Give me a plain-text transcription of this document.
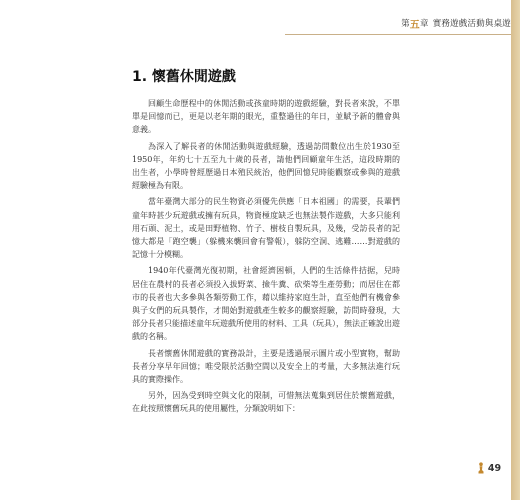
第 五 章 實務遊戲活動與桌遊
1. 懷舊休閒遊戲

回顧生命歷程中的休閒活動或孩童時期的遊戲經驗，對長者來說，不單單是回憶而已，更是以老年期的眼光，重整過往的年日，並賦予新的體會與意義。

為深入了解長者的休閒活動與遊戲經驗，透過訪問數位出生於1930至1950年，年約七十五至九十歲的長者，請他們回顧童年生活，這段時期的出生者，小學時曾經歷過日本殖民統治，他們回憶兒時能觀察或參與的遊戲經驗極為有限。

當年臺灣大部分的民生物資必須優先供應「日本祖國」的需要，長輩們童年時甚少玩遊戲或擁有玩具，物資極度缺乏也無法製作遊戲，大多只能利用石頭、泥土，或是田野植物、竹子、樹枝自製玩具，及幾，受訪長者的記憶大都是「跑空襲」（躲機來襲回會有警報），躲防空洞、逃難……對遊戲的記憶十分模糊。

1940年代臺灣光復初期，社會經濟困頓，人們的生活條件拮据，兒時居住在農村的長者必須投入拔野菜、撿牛糞、砍柴等生產勞動；而居住在都市的長者也大多參與各類勞動工作，藉以維持家庭生計，直至他們有機會參與子女們的玩具製作，才開始對遊戲產生較多的觀察經驗，訪問時發現，大部分長者只能描述童年玩遊戲所使用的材料、工具（玩具），無法正確說出遊戲的名稱。

長者懷舊休閒遊戲的實務設計，主要是透過展示圖片或小型實物，幫助長者分享早年回憶；唯受限於活動空間以及安全上的考量，大多無法進行玩具的實際操作。

另外，因為受到時空與文化的限制，可惜無法蒐集到居住於懷舊遊戲，在此按照懷舊玩具的使用屬性，分類說明如下：

49
